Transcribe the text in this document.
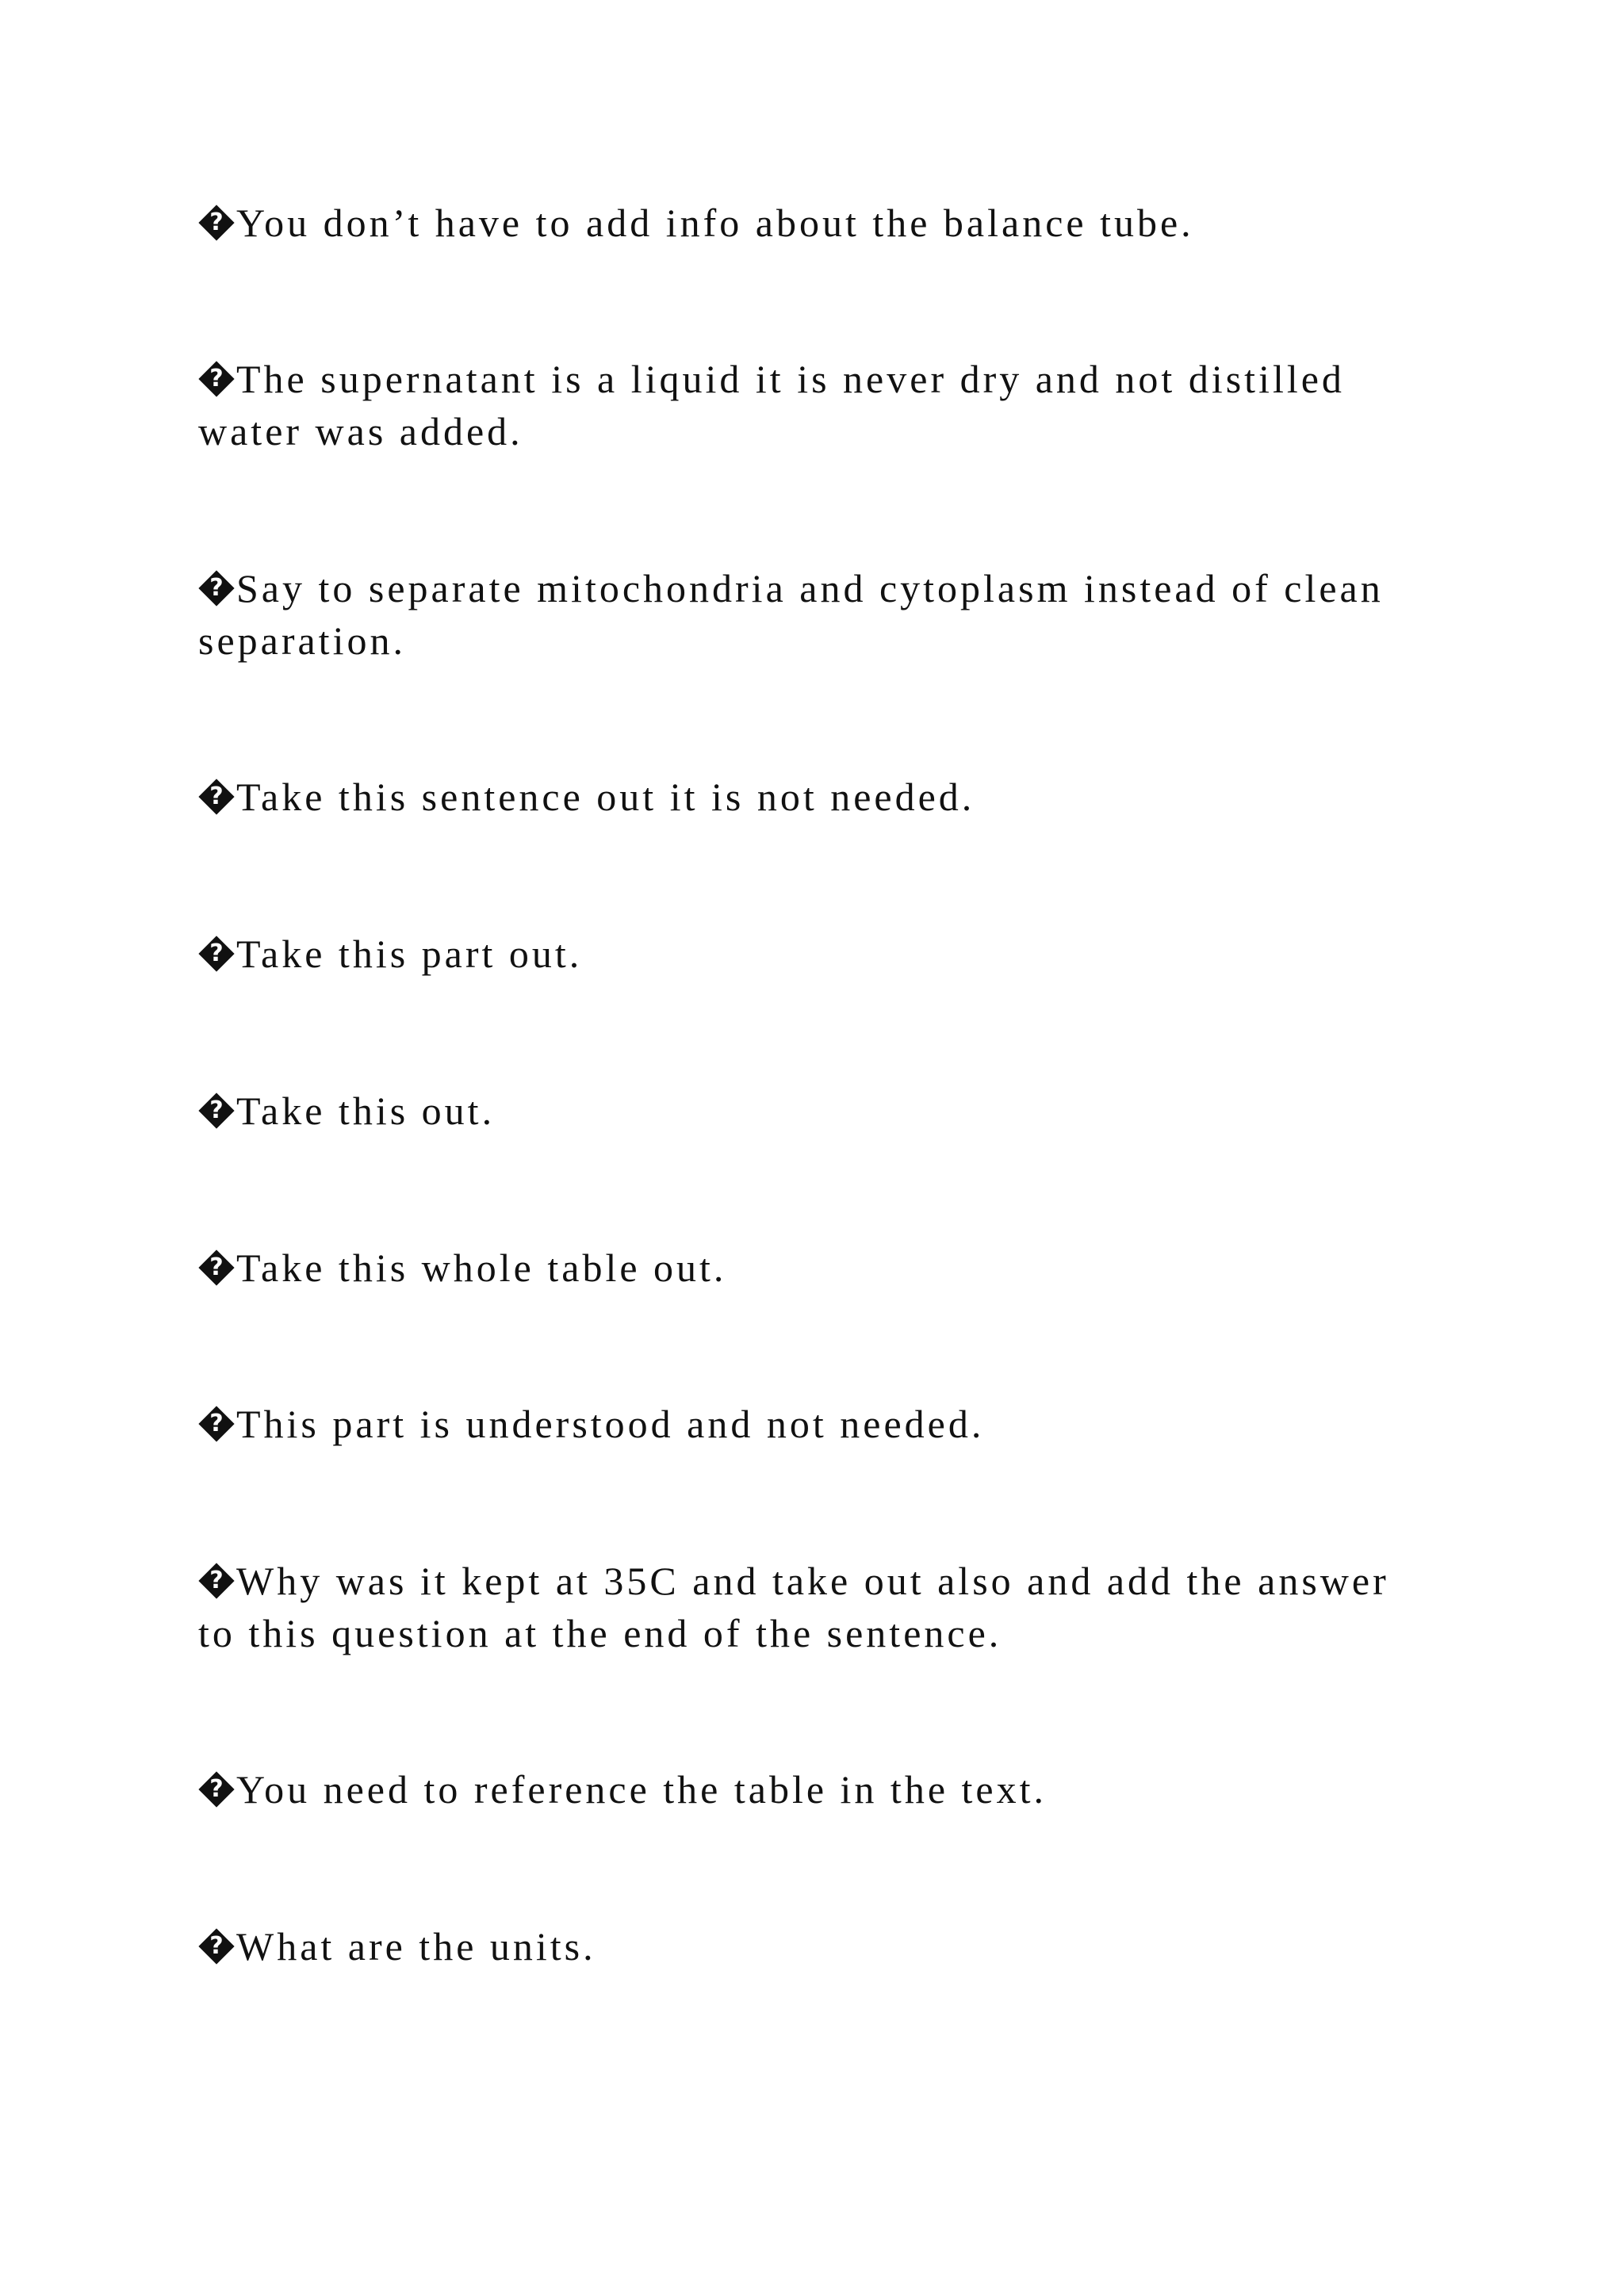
? You don’t have to add info about the balance tube.

? The supernatant is a liquid it is never dry and not distilled water was added.

? Say to separate mitochondria and cytoplasm instead of clean separation.

? Take this sentence out it is not needed.

? Take this part out.

? Take this out.

? Take this whole table out.

? This part is understood and not needed.

? Why was it kept at 35C and take out also and add the answer to this question at the end of the sentence.

? You need to reference the table in the text.

? What are the units.
